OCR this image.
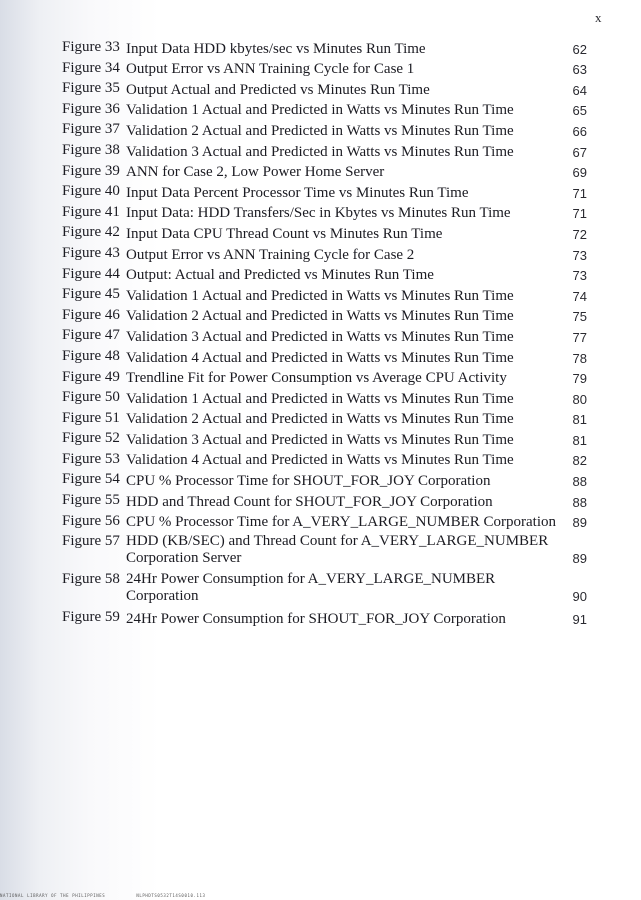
x
Figure 33 Input Data HDD kbytes/sec vs Minutes Run Time	62
Figure 34 Output Error vs ANN Training Cycle for Case 1	63
Figure 35 Output Actual and Predicted vs Minutes Run Time	64
Figure 36 Validation 1 Actual and Predicted in Watts vs Minutes Run Time	65
Figure 37 Validation 2 Actual and Predicted in Watts vs Minutes Run Time	66
Figure 38 Validation 3 Actual and Predicted in Watts vs Minutes Run Time	67
Figure 39 ANN for Case 2, Low Power Home Server	69
Figure 40 Input Data Percent Processor Time vs Minutes Run Time	71
Figure 41 Input Data: HDD Transfers/Sec in Kbytes vs Minutes Run Time	71
Figure 42 Input Data CPU Thread Count vs Minutes Run Time	72
Figure 43 Output Error vs ANN Training Cycle for Case 2	73
Figure 44 Output: Actual and Predicted vs Minutes Run Time	73
Figure 45 Validation 1 Actual and Predicted in Watts vs Minutes Run Time	74
Figure 46 Validation 2 Actual and Predicted in Watts vs Minutes Run Time	75
Figure 47 Validation 3 Actual and Predicted in Watts vs Minutes Run Time	77
Figure 48 Validation 4 Actual and Predicted in Watts vs Minutes Run Time	78
Figure 49 Trendline Fit for Power Consumption vs Average CPU Activity	79
Figure 50 Validation 1 Actual and Predicted in Watts vs Minutes Run Time	80
Figure 51 Validation 2 Actual and Predicted in Watts vs Minutes Run Time	81
Figure 52 Validation 3 Actual and Predicted in Watts vs Minutes Run Time	81
Figure 53 Validation 4 Actual and Predicted in Watts vs Minutes Run Time	82
Figure 54 CPU % Processor Time for SHOUT_FOR_JOY Corporation	88
Figure 55 HDD and Thread Count for SHOUT_FOR_JOY Corporation	88
Figure 56 CPU % Processor Time for A_VERY_LARGE_NUMBER Corporation	89
Figure 57 HDD (KB/SEC) and Thread Count for A_VERY_LARGE_NUMBER
Corporation Server	89
Figure 58 24Hr Power Consumption for A_VERY_LARGE_NUMBER
Corporation	90
Figure 59 24Hr Power Consumption for SHOUT_FOR_JOY Corporation	91
NATIONAL LIBRARY OF THE PHILIPPINES	NLPHDTS0532T14S0010.113
